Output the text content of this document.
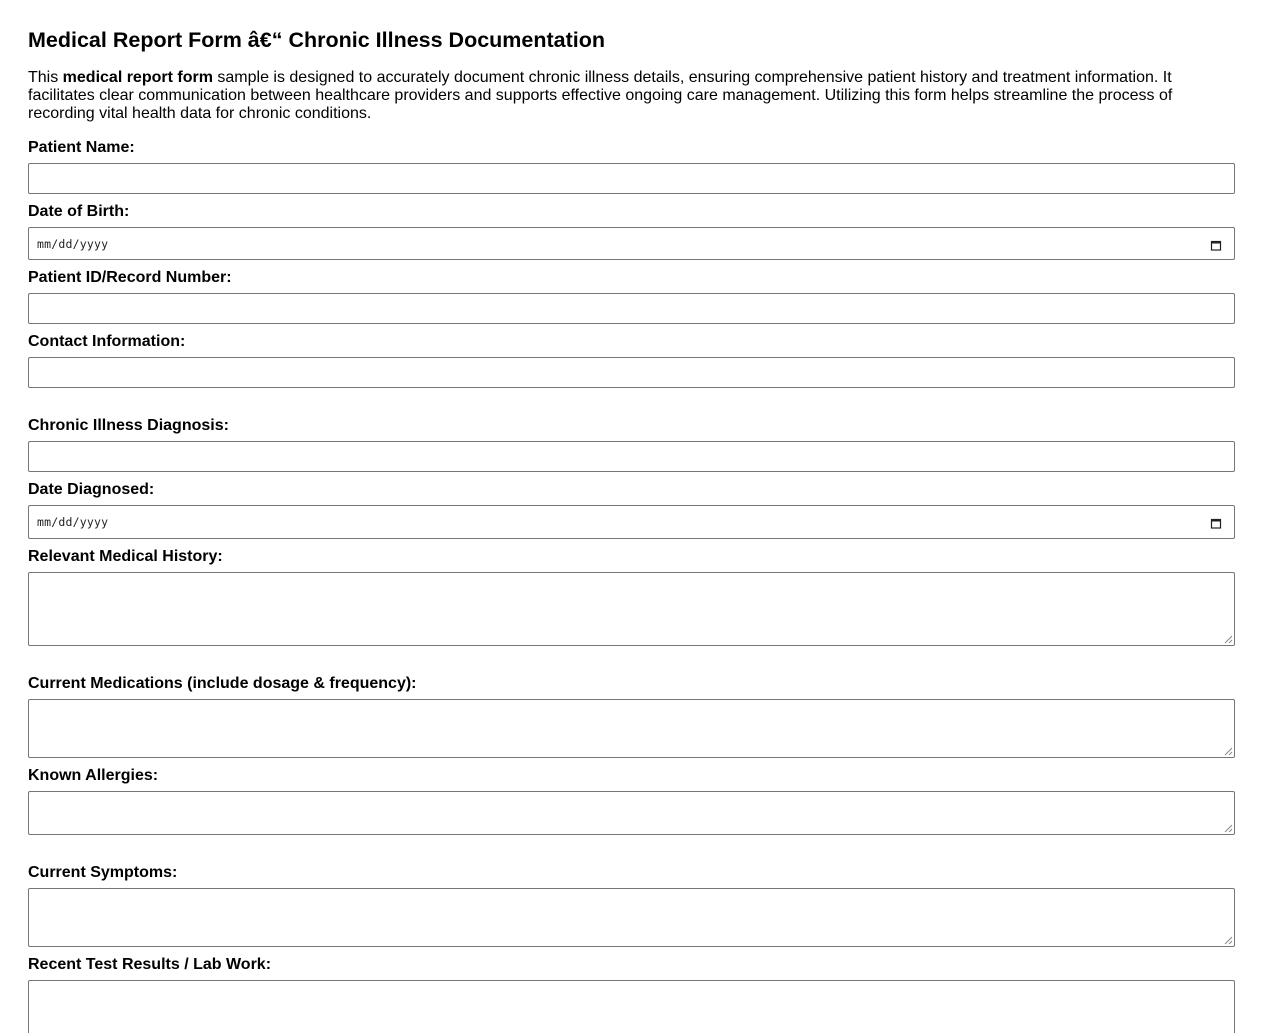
Medical Report Form â€“ Chronic Illness Documentation

This medical report form sample is designed to accurately document chronic illness details, ensuring comprehensive patient history and treatment information. It facilitates clear communication between healthcare providers and supports effective ongoing care management. Utilizing this form helps streamline the process of recording vital health data for chronic conditions.

Patient Name:
Date of Birth:
mm/dd/yyyy
Patient ID/Record Number:
Contact Information:
Chronic Illness Diagnosis:
Date Diagnosed:
mm/dd/yyyy
Relevant Medical History:
Current Medications (include dosage & frequency):
Known Allergies:
Current Symptoms:
Recent Test Results / Lab Work:
